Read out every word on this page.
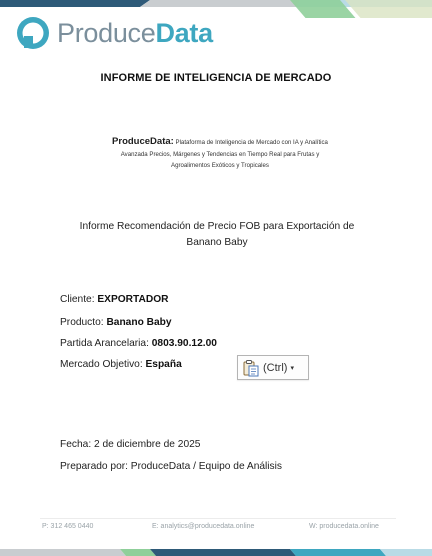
ProduceData
INFORME DE INTELIGENCIA DE MERCADO
ProduceData: Plataforma de Inteligencia de Mercado con IA y Analítica
Avanzada Precios, Márgenes y Tendencias en Tiempo Real para Frutas y
Agroalimentos Exóticos y Tropicales
Informe Recomendación de Precio FOB para Exportación de
Banano Baby
Cliente: EXPORTADOR
Producto: Banano Baby
Partida Arancelaria: 0803.90.12.00
Mercado Objetivo: España	(Ctrl) ▾
Fecha: 2 de diciembre de 2025
Preparado por: ProduceData / Equipo de Análisis
P: 312 465 0440	E: analytics@producedata.online	W: producedata.online
